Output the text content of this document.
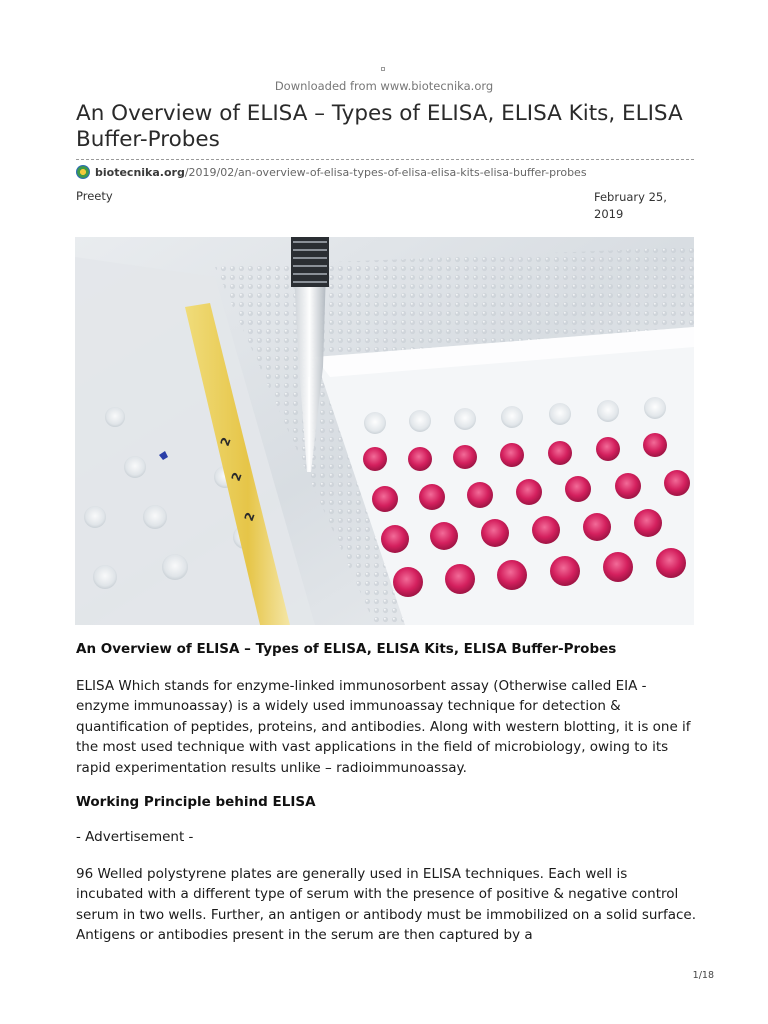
Downloaded from www.biotecnika.org
An Overview of ELISA – Types of ELISA, ELISA Kits, ELISA Buffer-Probes
biotecnika.org/2019/02/an-overview-of-elisa-types-of-elisa-elisa-kits-elisa-buffer-probes
Preety	February 25, 2019
2
2
2
An Overview of ELISA – Types of ELISA, ELISA Kits, ELISA Buffer-Probes

ELISA Which stands for enzyme-linked immunosorbent assay (Otherwise called EIA - enzyme immunoassay) is a widely used immunoassay technique for detection & quantification of peptides, proteins, and antibodies. Along with western blotting, it is one if the most used technique with vast applications in the field of microbiology, owing to its rapid experimentation results unlike – radioimmunoassay.

Working Principle behind ELISA

- Advertisement -

96 Welled polystyrene plates are generally used in ELISA techniques. Each well is incubated with a different type of serum with the presence of positive & negative control serum in two wells. Further, an antigen or antibody must be immobilized on a solid surface. Antigens or antibodies present in the serum are then captured by a

1/18
